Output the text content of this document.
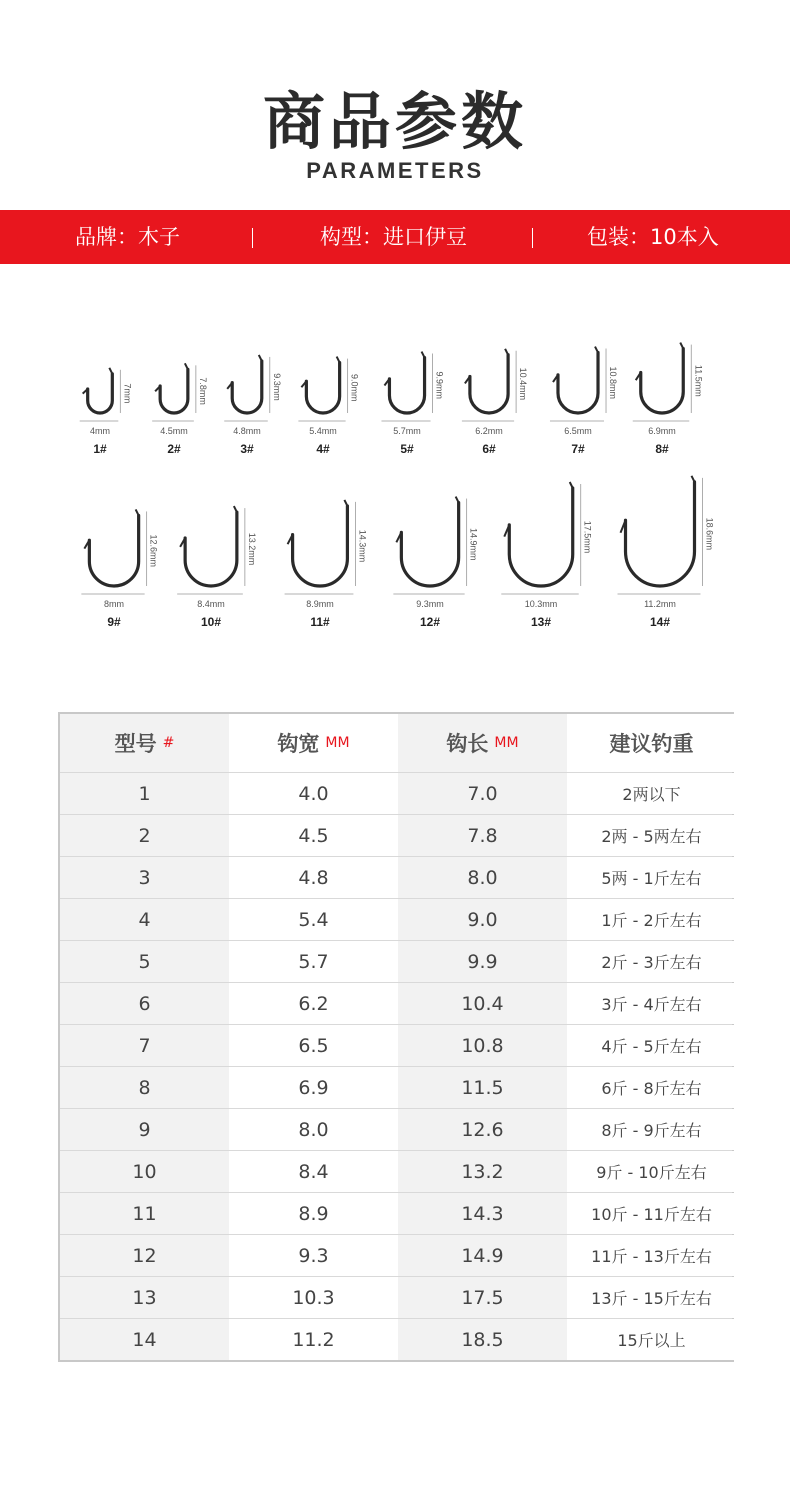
商品参数
PARAMETERS
品牌：木子	构型：进口伊豆	包装：10本入
7mm
4mm
1#
7.8mm
4.5mm
2#
9.3mm
4.8mm
3#
9.0mm
5.4mm
4#
9.9mm
5.7mm
5#
10.4mm
6.2mm
6#
10.8mm
6.5mm
7#
11.5mm
6.9mm
8#
12.6mm
8mm
9#
13.2mm
8.4mm
10#
14.3mm
8.9mm
11#
14.9mm
9.3mm
12#
17.5mm
10.3mm
13#
18.6mm
11.2mm
14#
型号 #	钩宽 MM	钩长 MM	建议钓重
1	4.0	7.0	2两以下
2	4.5	7.8	2两 - 5两左右
3	4.8	8.0	5两 - 1斤左右
4	5.4	9.0	1斤 - 2斤左右
5	5.7	9.9	2斤 - 3斤左右
6	6.2	10.4	3斤 - 4斤左右
7	6.5	10.8	4斤 - 5斤左右
8	6.9	11.5	6斤 - 8斤左右
9	8.0	12.6	8斤 - 9斤左右
10	8.4	13.2	9斤 - 10斤左右
11	8.9	14.3	10斤 - 11斤左右
12	9.3	14.9	11斤 - 13斤左右
13	10.3	17.5	13斤 - 15斤左右
14	11.2	18.5	15斤以上
